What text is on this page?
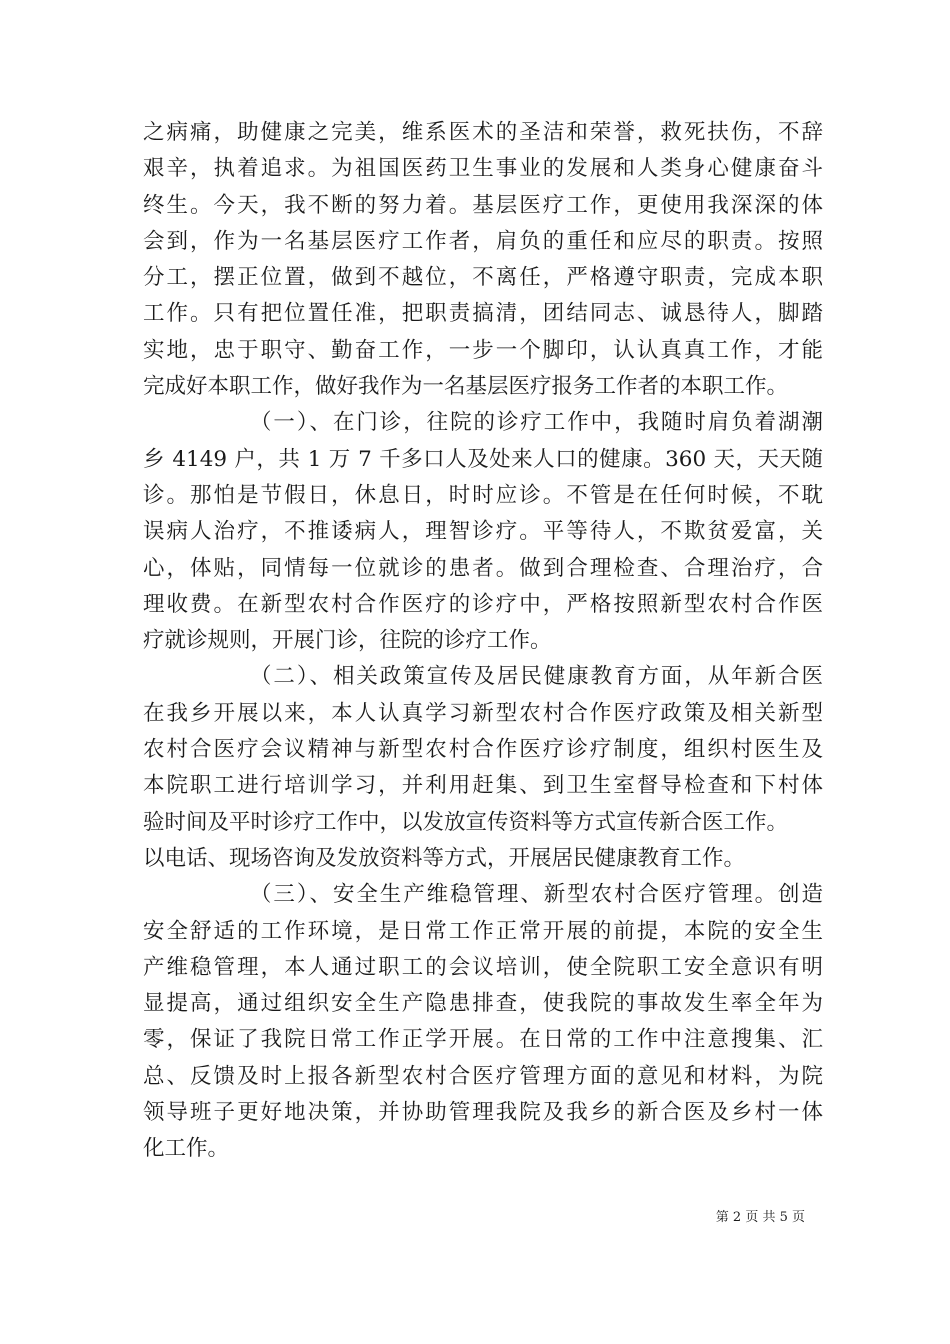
之病痛，助健康之完美，维系医术的圣洁和荣誉，救死扶伤，不辞
艰辛，执着追求。为祖国医药卫生事业的发展和人类身心健康奋斗
终生。今天，我不断的努力着。基层医疗工作，更使用我深深的体
会到，作为一名基层医疗工作者，肩负的重任和应尽的职责。按照
分工，摆正位置，做到不越位，不离任，严格遵守职责，完成本职
工作。只有把位置任准，把职责搞清，团结同志、诚恳待人，脚踏
实地，忠于职守、勤奋工作，一步一个脚印，认认真真工作，才能
完成好本职工作，做好我作为一名基层医疗报务工作者的本职工作。
（一）、在门诊，往院的诊疗工作中，我随时肩负着湖潮
乡 4149 户，共 1 万 7 千多口人及处来人口的健康。360 天，天天随
诊。那怕是节假日，休息日，时时应诊。不管是在任何时候，不耽
误病人治疗，不推诿病人，理智诊疗。平等待人，不欺贫爱富，关
心，体贴，同情每一位就诊的患者。做到合理检查、合理治疗，合
理收费。在新型农村合作医疗的诊疗中，严格按照新型农村合作医
疗就诊规则，开展门诊，往院的诊疗工作。
（二）、相关政策宣传及居民健康教育方面，从年新合医
在我乡开展以来，本人认真学习新型农村合作医疗政策及相关新型
农村合医疗会议精神与新型农村合作医疗诊疗制度，组织村医生及
本院职工进行培训学习，并利用赶集、到卫生室督导检查和下村体
验时间及平时诊疗工作中，以发放宣传资料等方式宣传新合医工作。
以电话、现场咨询及发放资料等方式，开展居民健康教育工作。
（三）、安全生产维稳管理、新型农村合医疗管理。创造
安全舒适的工作环境，是日常工作正常开展的前提，本院的安全生
产维稳管理，本人通过职工的会议培训，使全院职工安全意识有明
显提高，通过组织安全生产隐患排查，使我院的事故发生率全年为
零，保证了我院日常工作正学开展。在日常的工作中注意搜集、汇
总、反馈及时上报各新型农村合医疗管理方面的意见和材料，为院
领导班子更好地决策，并协助管理我院及我乡的新合医及乡村一体
化工作。
第 2 页 共 5 页
